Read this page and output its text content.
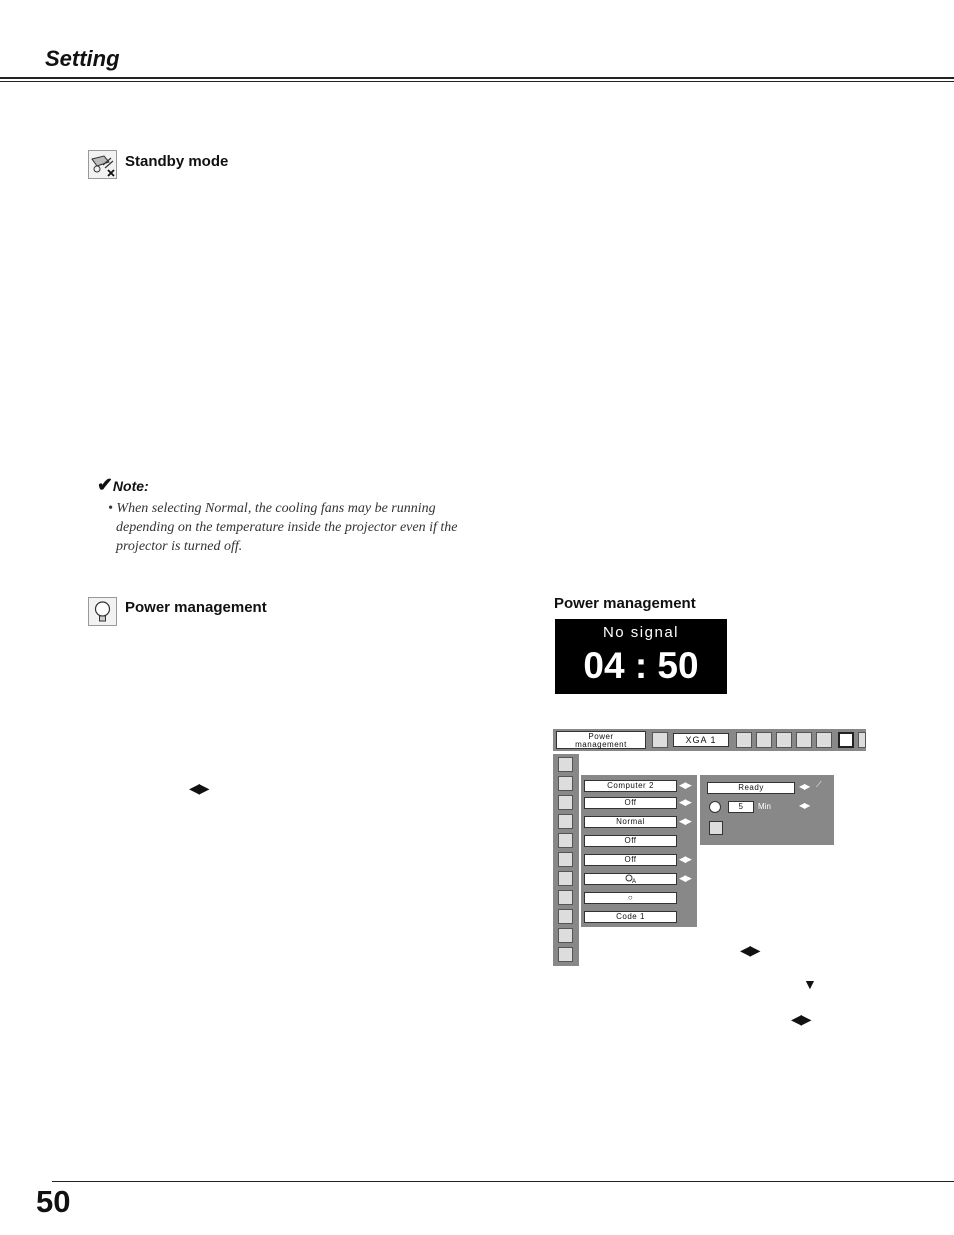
Setting
Standby mode
✔Note:
• When selecting Normal, the cooling fans may be running
depending on the temperature inside the projector even if the
projector is turned off.
Power management
◀▶
Power management
No signal
04 : 50
Power
management	XGA 1
Computer 2	◀▶
Off	◀▶
Normal	◀▶
Off
Off	◀▶
A	◀▶
○
Code 1
Ready	◀▶ ⟋
5	Min	◀▶
◀▶
▼
◀▶
50
